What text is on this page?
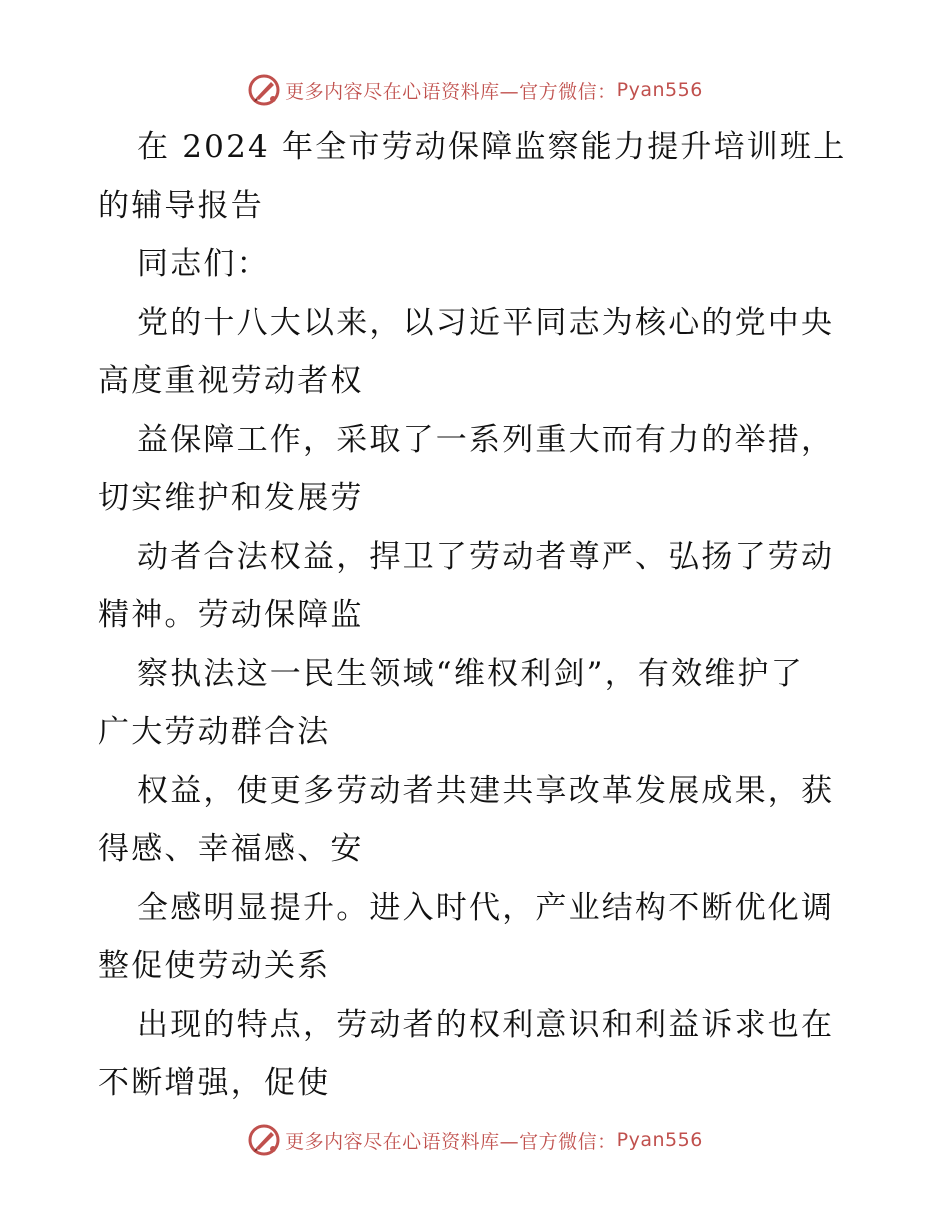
更多内容尽在心语资料库—官方微信： Pyan556
在 2024 年全市劳动保障监察能力提升培训班上
的辅导报告
同志们：
党的十八大以来，以习近平同志为核心的党中央
高度重视劳动者权
益保障工作，采取了一系列重大而有力的举措，
切实维护和发展劳
动者合法权益，捍卫了劳动者尊严、弘扬了劳动
精神。劳动保障监
察执法这一民生领域“维权利剑”，有效维护了
广大劳动群合法
权益，使更多劳动者共建共享改革发展成果，获
得感、幸福感、安
全感明显提升。进入时代，产业结构不断优化调
整促使劳动关系
出现的特点，劳动者的权利意识和利益诉求也在
不断增强，促使
更多内容尽在心语资料库—官方微信： Pyan556
